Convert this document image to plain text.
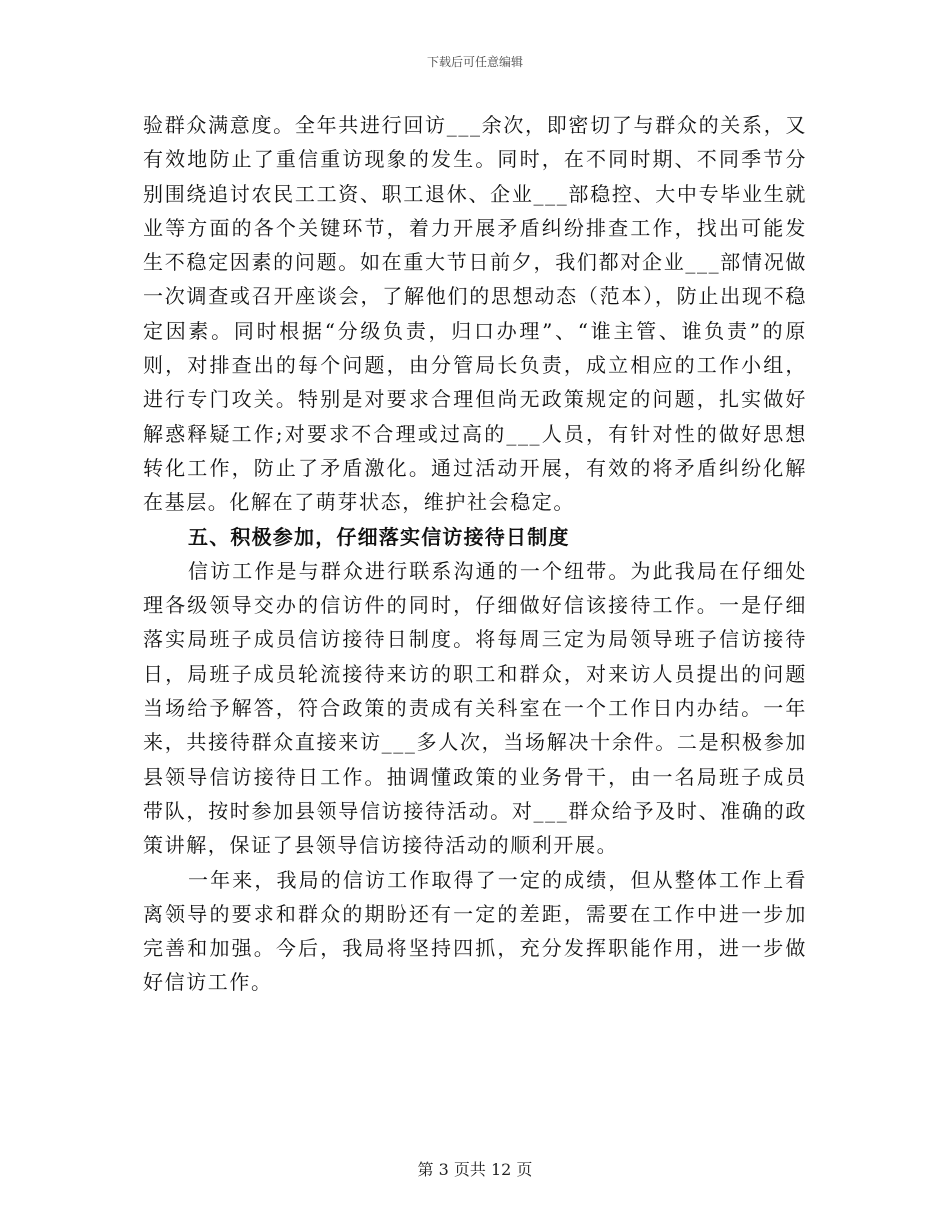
下载后可任意编辑

验群众满意度。全年共进行回访___余次，即密切了与群众的关系，又有效地防止了重信重访现象的发生。同时，在不同时期、不同季节分别围绕追讨农民工工资、职工退休、企业___部稳控、大中专毕业生就业等方面的各个关键环节，着力开展矛盾纠纷排查工作，找出可能发生不稳定因素的问题。如在重大节日前夕，我们都对企业___部情况做一次调查或召开座谈会，了解他们的思想动态（范本），防止出现不稳定因素。同时根据“分级负责，归口办理”、“谁主管、谁负责”的原则，对排查出的每个问题，由分管局长负责，成立相应的工作小组，进行专门攻关。特别是对要求合理但尚无政策规定的问题，扎实做好解惑释疑工作;对要求不合理或过高的___人员，有针对性的做好思想转化工作，防止了矛盾激化。通过活动开展，有效的将矛盾纠纷化解在基层。化解在了萌芽状态，维护社会稳定。

五、积极参加，仔细落实信访接待日制度

信访工作是与群众进行联系沟通的一个纽带。为此我局在仔细处理各级领导交办的信访件的同时，仔细做好信该接待工作。一是仔细落实局班子成员信访接待日制度。将每周三定为局领导班子信访接待日，局班子成员轮流接待来访的职工和群众，对来访人员提出的问题当场给予解答，符合政策的责成有关科室在一个工作日内办结。一年来，共接待群众直接来访___多人次，当场解决十余件。二是积极参加县领导信访接待日工作。抽调懂政策的业务骨干，由一名局班子成员带队，按时参加县领导信访接待活动。对___群众给予及时、准确的政策讲解，保证了县领导信访接待活动的顺利开展。

一年来，我局的信访工作取得了一定的成绩，但从整体工作上看离领导的要求和群众的期盼还有一定的差距，需要在工作中进一步加完善和加强。今后，我局将坚持四抓，充分发挥职能作用，进一步做好信访工作。

第 3 页共 12 页
